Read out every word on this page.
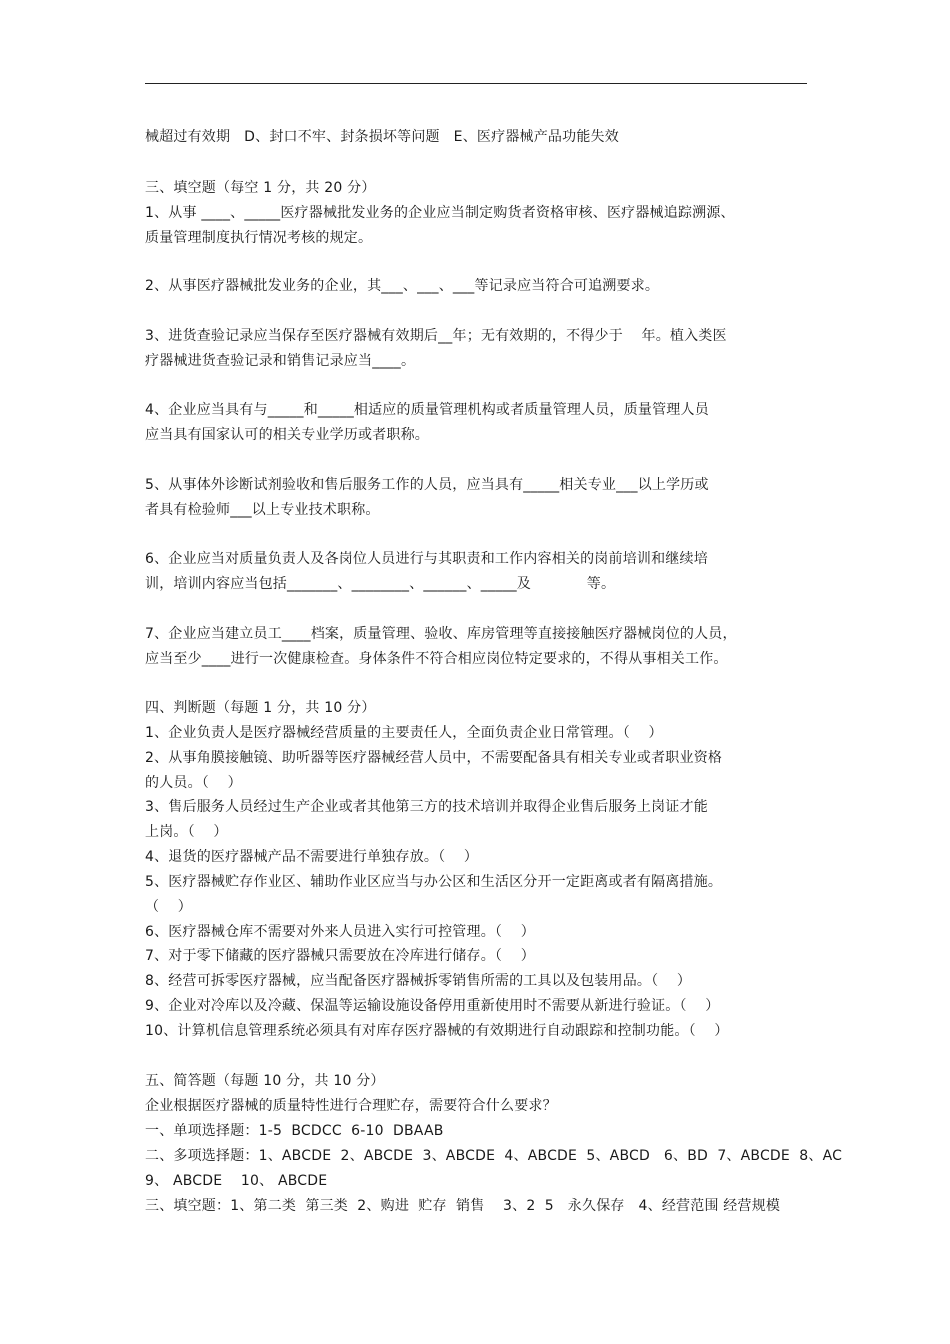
械超过有效期   D、封口不牢、封条损坏等问题   E、医疗器械产品功能失效
三、填空题（每空 1 分，共 20 分）
1、从事 ____、_____医疗器械批发业务的企业应当制定购货者资格审核、医疗器械追踪溯源、
质量管理制度执行情况考核的规定。
2、从事医疗器械批发业务的企业，其___、___、___等记录应当符合可追溯要求。
3、进货查验记录应当保存至医疗器械有效期后__年；无有效期的，不得少于    年。植入类医
疗器械进货查验记录和销售记录应当____。
4、企业应当具有与_____和_____相适应的质量管理机构或者质量管理人员，质量管理人员
应当具有国家认可的相关专业学历或者职称。
5、从事体外诊断试剂验收和售后服务工作的人员，应当具有_____相关专业___以上学历或
者具有检验师___以上专业技术职称。
6、企业应当对质量负责人及各岗位人员进行与其职责和工作内容相关的岗前培训和继续培
训，培训内容应当包括_______、________、______、_____及            等。
7、企业应当建立员工____档案，质量管理、验收、库房管理等直接接触医疗器械岗位的人员，
应当至少____进行一次健康检查。身体条件不符合相应岗位特定要求的，不得从事相关工作。
四、判断题（每题 1 分，共 10 分）
1、企业负责人是医疗器械经营质量的主要责任人，全面负责企业日常管理。（    ）
2、从事角膜接触镜、助听器等医疗器械经营人员中，不需要配备具有相关专业或者职业资格
的人员。（    ）
3、售后服务人员经过生产企业或者其他第三方的技术培训并取得企业售后服务上岗证才能
上岗。（    ）
4、退货的医疗器械产品不需要进行单独存放。（    ）
5、医疗器械贮存作业区、辅助作业区应当与办公区和生活区分开一定距离或者有隔离措施。
（    ）
6、医疗器械仓库不需要对外来人员进入实行可控管理。（    ）
7、对于零下储藏的医疗器械只需要放在冷库进行储存。（    ）
8、经营可拆零医疗器械，应当配备医疗器械拆零销售所需的工具以及包装用品。（    ）
9、企业对冷库以及冷藏、保温等运输设施设备停用重新使用时不需要从新进行验证。（    ）
10、计算机信息管理系统必须具有对库存医疗器械的有效期进行自动跟踪和控制功能。（    ）
五、简答题（每题 10 分，共 10 分）
企业根据医疗器械的质量特性进行合理贮存，需要符合什么要求？
一、单项选择题：1-5  BCDCC  6-10  DBAAB
二、多项选择题：1、ABCDE  2、ABCDE  3、ABCDE  4、ABCDE  5、ABCD   6、BD  7、ABCDE  8、AC
9、 ABCDE    10、 ABCDE
三、填空题：1、第二类  第三类  2、购进  贮存  销售    3、2  5   永久保存   4、经营范围 经营规模
